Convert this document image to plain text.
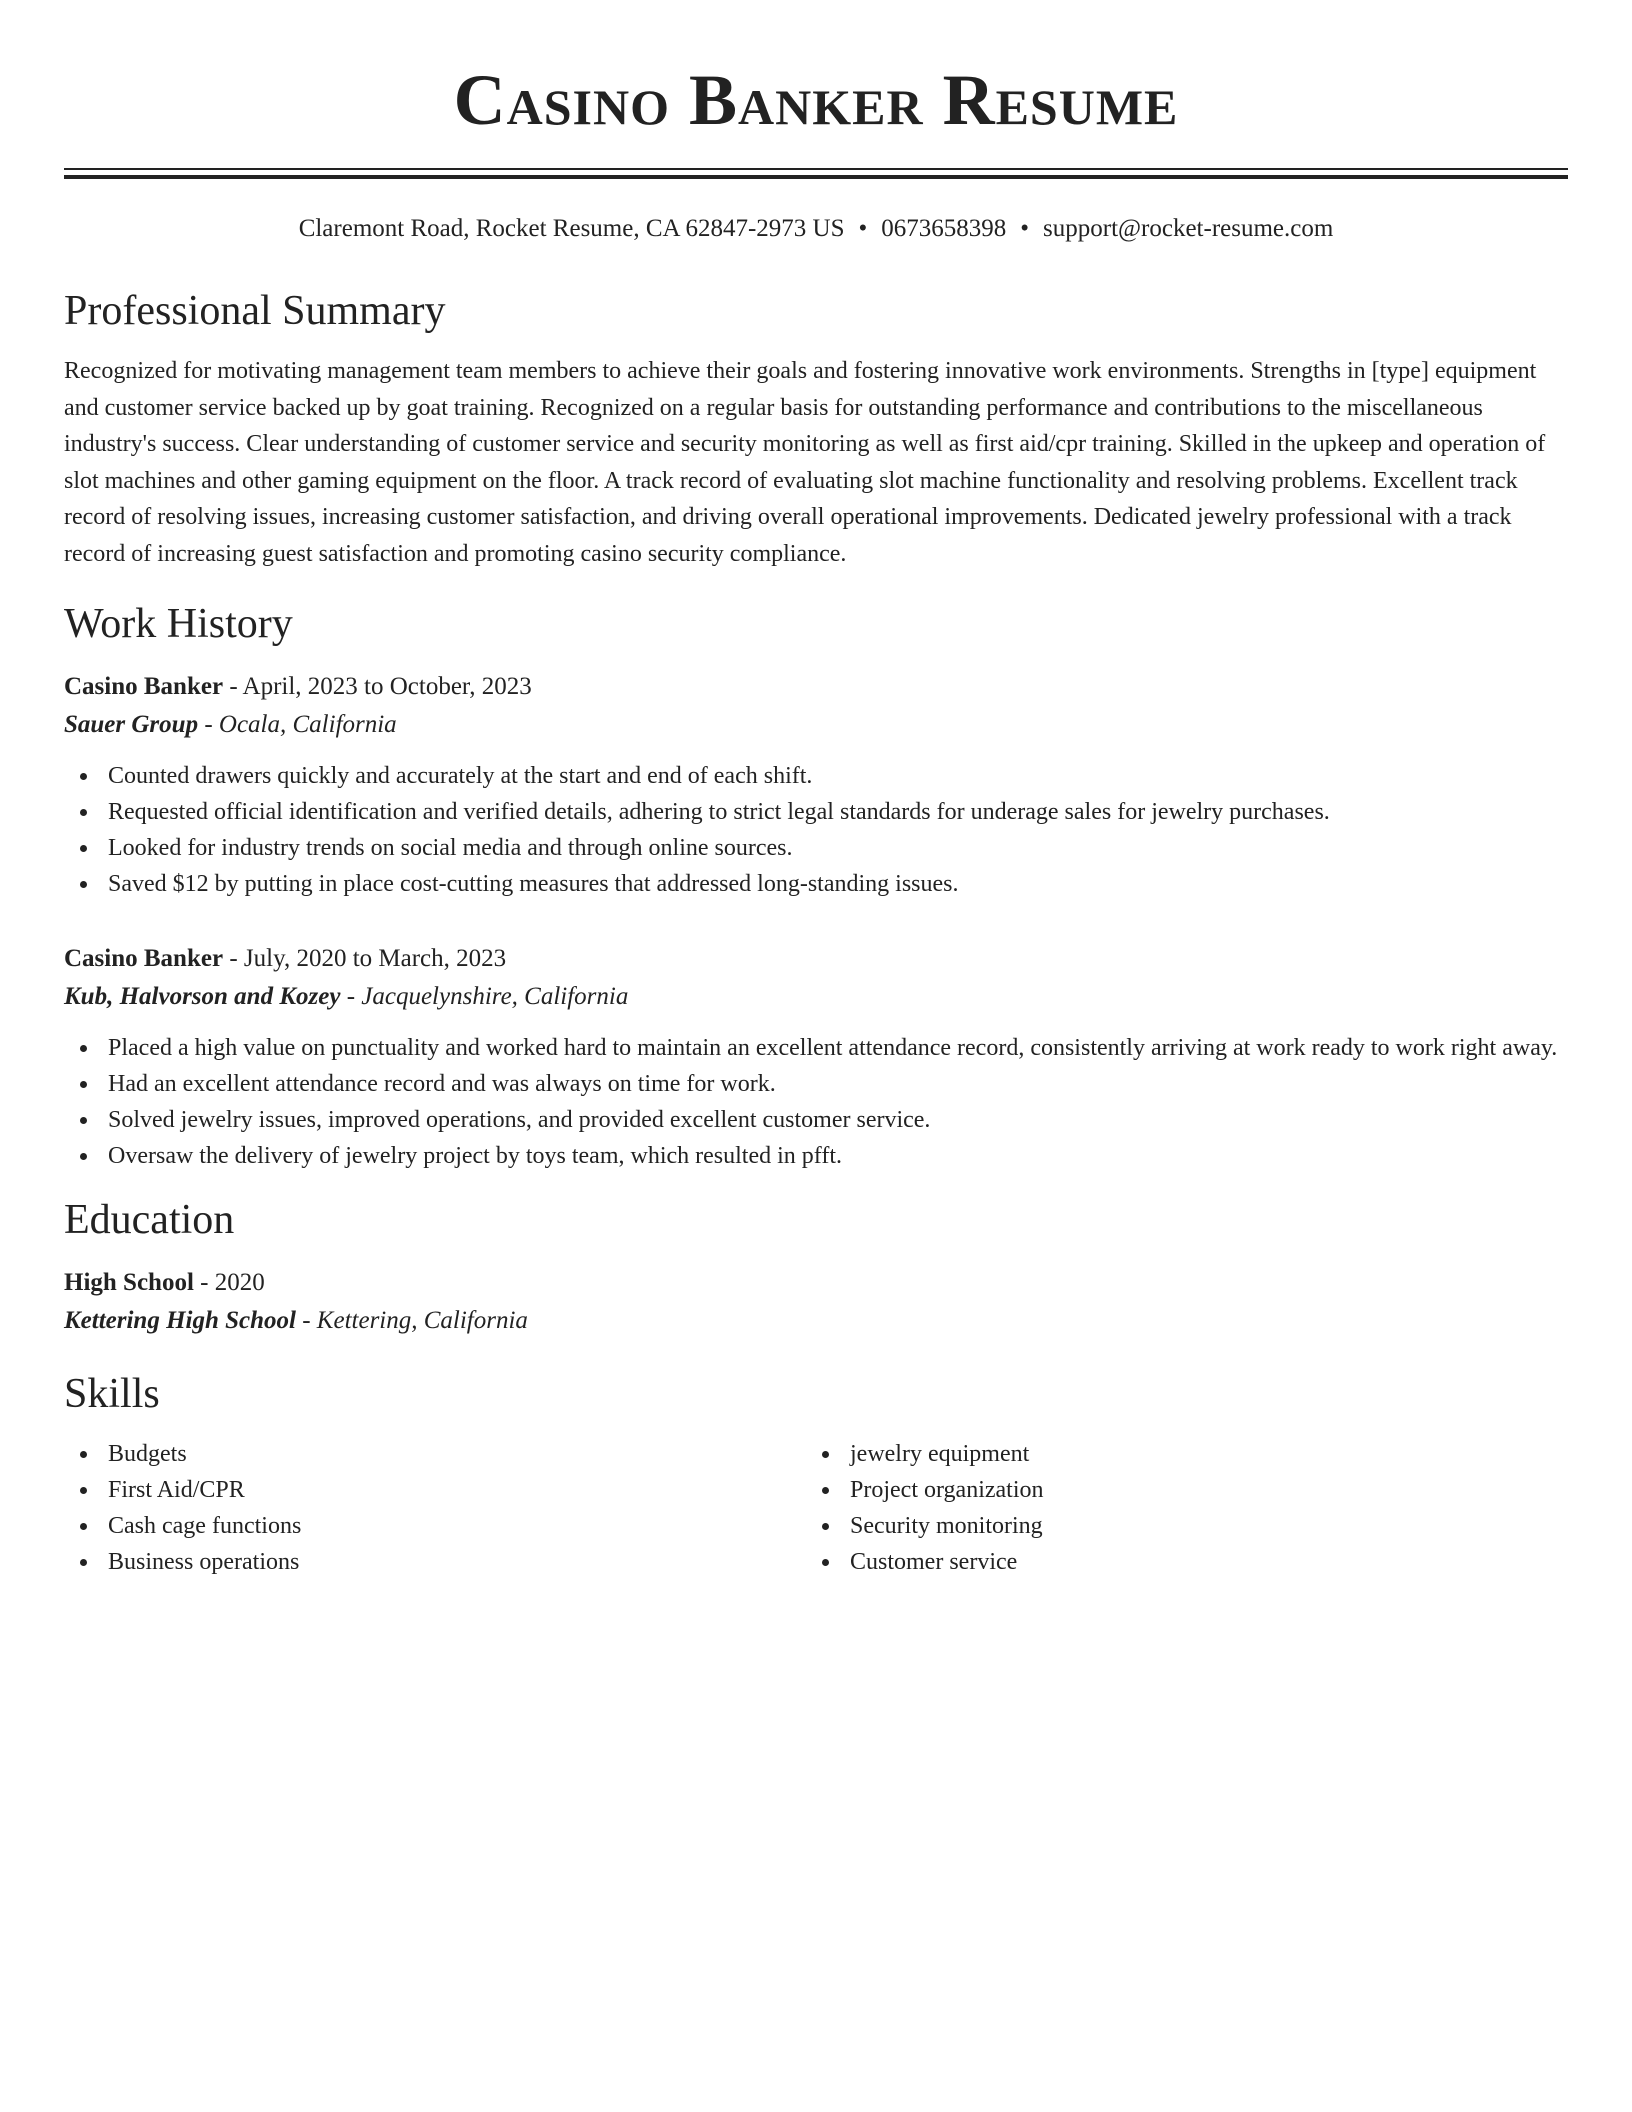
Casino Banker Resume
Claremont Road, Rocket Resume, CA 62847-2973 US • 0673658398 • support@rocket-resume.com
Professional Summary

Recognized for motivating management team members to achieve their goals and fostering innovative work environments. Strengths in [type] equipment and customer service backed up by goat training. Recognized on a regular basis for outstanding performance and contributions to the miscellaneous industry's success. Clear understanding of customer service and security monitoring as well as first aid/cpr training. Skilled in the upkeep and operation of slot machines and other gaming equipment on the floor. A track record of evaluating slot machine functionality and resolving problems. Excellent track record of resolving issues, increasing customer satisfaction, and driving overall operational improvements. Dedicated jewelry professional with a track record of increasing guest satisfaction and promoting casino security compliance.

Work History
Casino Banker - April, 2023 to October, 2023
Sauer Group - Ocala, California
Counted drawers quickly and accurately at the start and end of each shift.
Requested official identification and verified details, adhering to strict legal standards for underage sales for jewelry purchases.
Looked for industry trends on social media and through online sources.
Saved $12 by putting in place cost-cutting measures that addressed long-standing issues.
Casino Banker - July, 2020 to March, 2023
Kub, Halvorson and Kozey - Jacquelynshire, California
Placed a high value on punctuality and worked hard to maintain an excellent attendance record, consistently arriving at work ready to work right away.
Had an excellent attendance record and was always on time for work.
Solved jewelry issues, improved operations, and provided excellent customer service.
Oversaw the delivery of jewelry project by toys team, which resulted in pfft.
Education
High School - 2020
Kettering High School - Kettering, California
Skills
Budgets
First Aid/CPR
Cash cage functions
Business operations
jewelry equipment
Project organization
Security monitoring
Customer service
